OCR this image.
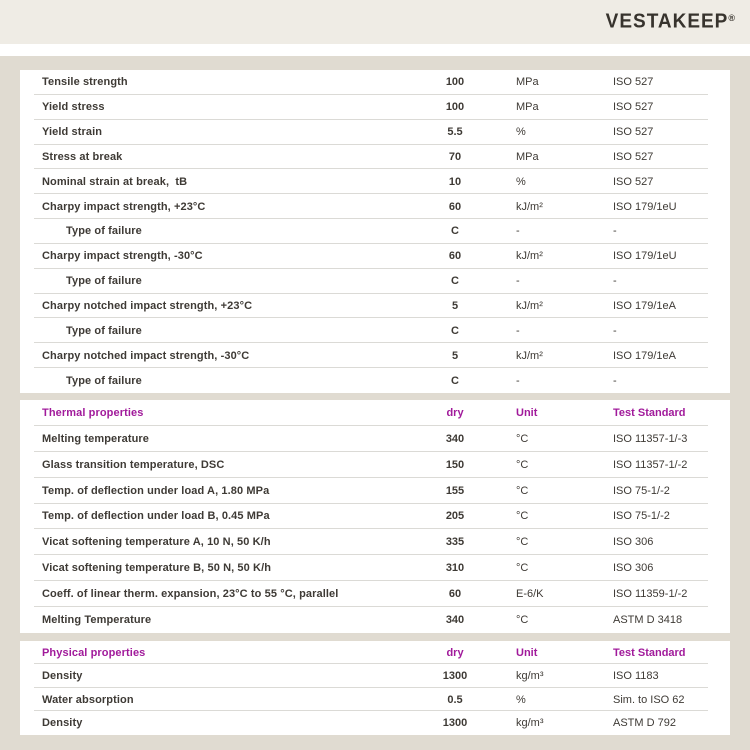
VESTAKEEP®
Tensile strength	100	MPa	ISO 527
Yield stress	100	MPa	ISO 527
Yield strain	5.5	%	ISO 527
Stress at break	70	MPa	ISO 527
Nominal strain at break,  tB	10	%	ISO 527
Charpy impact strength, +23°C	60	kJ/m²	ISO 179/1eU
Type of failure	C	-	-
Charpy impact strength, -30°C	60	kJ/m²	ISO 179/1eU
Type of failure	C	-	-
Charpy notched impact strength, +23°C	5	kJ/m²	ISO 179/1eA
Type of failure	C	-	-
Charpy notched impact strength, -30°C	5	kJ/m²	ISO 179/1eA
Type of failure	C	-	-
Thermal properties	dry	Unit	Test Standard
Melting temperature	340	°C	ISO 11357-1/-3
Glass transition temperature, DSC	150	°C	ISO 11357-1/-2
Temp. of deflection under load A, 1.80 MPa	155	°C	ISO 75-1/-2
Temp. of deflection under load B, 0.45 MPa	205	°C	ISO 75-1/-2
Vicat softening temperature A, 10 N, 50 K/h	335	°C	ISO 306
Vicat softening temperature B, 50 N, 50 K/h	310	°C	ISO 306
Coeff. of linear therm. expansion, 23°C to 55 °C, parallel	60	E-6/K	ISO 11359-1/-2
Melting Temperature	340	°C	ASTM D 3418
Physical properties	dry	Unit	Test Standard
Density	1300	kg/m³	ISO 1183
Water absorption	0.5	%	Sim. to ISO 62
Density	1300	kg/m³	ASTM D 792
